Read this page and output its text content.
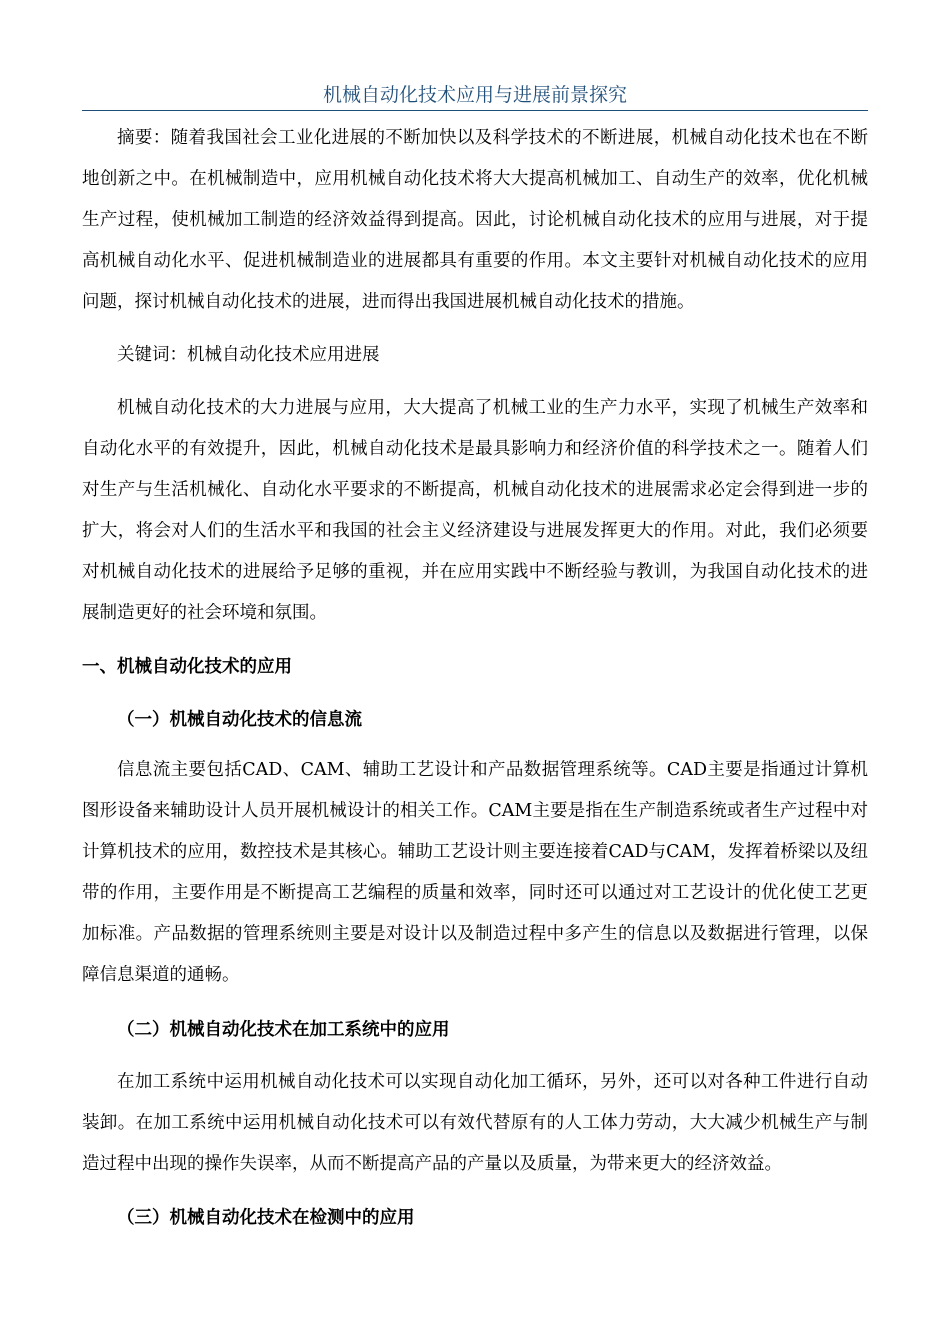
机械自动化技术应用与进展前景探究

摘要：随着我国社会工业化进展的不断加快以及科学技术的不断进展，机械自动化技术也在不断地创新之中。在机械制造中，应用机械自动化技术将大大提高机械加工、自动生产的效率，优化机械生产过程，使机械加工制造的经济效益得到提高。因此，讨论机械自动化技术的应用与进展，对于提高机械自动化水平、促进机械制造业的进展都具有重要的作用。本文主要针对机械自动化技术的应用问题，探讨机械自动化技术的进展，进而得出我国进展机械自动化技术的措施。

关键词：机械自动化技术应用进展

机械自动化技术的大力进展与应用，大大提高了机械工业的生产力水平，实现了机械生产效率和自动化水平的有效提升，因此，机械自动化技术是最具影响力和经济价值的科学技术之一。随着人们对生产与生活机械化、自动化水平要求的不断提高，机械自动化技术的进展需求必定会得到进一步的扩大，将会对人们的生活水平和我国的社会主义经济建设与进展发挥更大的作用。对此，我们必须要对机械自动化技术的进展给予足够的重视，并在应用实践中不断经验与教训，为我国自动化技术的进展制造更好的社会环境和氛围。

一、机械自动化技术的应用
（一）机械自动化技术的信息流

信息流主要包括CAD、CAM、辅助工艺设计和产品数据管理系统等。CAD主要是指通过计算机图形设备来辅助设计人员开展机械设计的相关工作。CAM主要是指在生产制造系统或者生产过程中对计算机技术的应用，数控技术是其核心。辅助工艺设计则主要连接着CAD与CAM，发挥着桥梁以及纽带的作用，主要作用是不断提高工艺编程的质量和效率，同时还可以通过对工艺设计的优化使工艺更加标准。产品数据的管理系统则主要是对设计以及制造过程中多产生的信息以及数据进行管理，以保障信息渠道的通畅。

（二）机械自动化技术在加工系统中的应用

在加工系统中运用机械自动化技术可以实现自动化加工循环，另外，还可以对各种工件进行自动装卸。在加工系统中运用机械自动化技术可以有效代替原有的人工体力劳动，大大减少机械生产与制造过程中出现的操作失误率，从而不断提高产品的产量以及质量，为带来更大的经济效益。

（三）机械自动化技术在检测中的应用
